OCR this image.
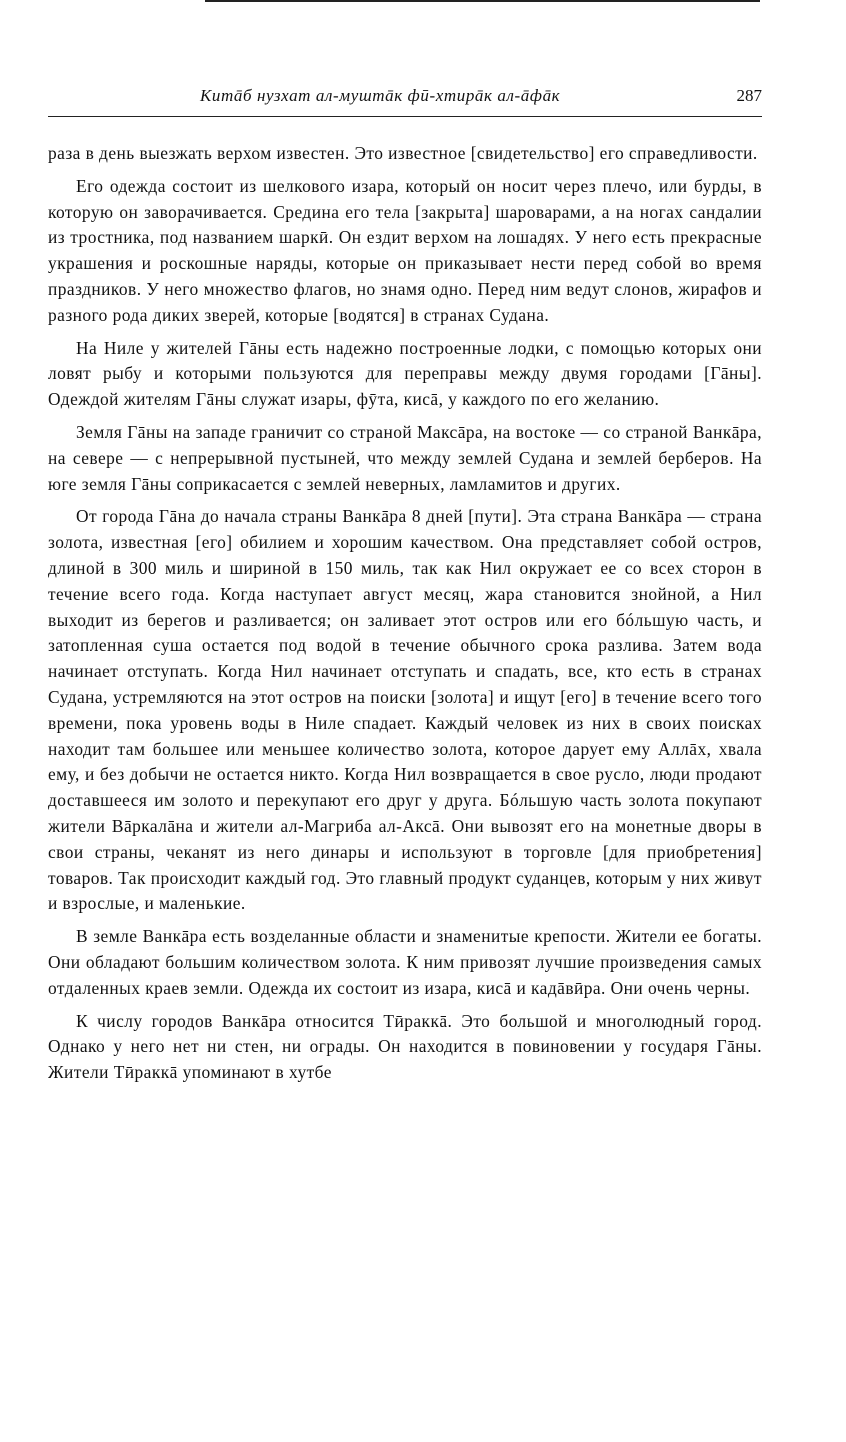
Китāб нузхат ал-муштāк фӣ-хтирāк ал-āфāк	287

раза в день выезжать верхом известен. Это известное [свидетельство] его справедливости.

Его одежда состоит из шелкового изара, который он носит через плечо, или бурды, в которую он заворачивается. Средина его тела [закрыта] шароварами, а на ногах сандалии из тростника, под названием шаркӣ. Он ездит верхом на лошадях. У него есть прекрасные украшения и роскошные наряды, которые он приказывает нести перед собой во время праздников. У него множество флагов, но знамя одно. Перед ним ведут слонов, жирафов и разного рода диких зверей, которые [водятся] в странах Судана.

На Ниле у жителей Гāны есть надежно построенные лодки, с помощью которых они ловят рыбу и которыми пользуются для переправы между двумя городами [Гāны]. Одеждой жителям Гāны служат изары, фӯта, кисā, у каждого по его желанию.

Земля Гāны на западе граничит со страной Максāра, на востоке — со страной Ванкāра, на севере — с непрерывной пустыней, что между землей Судана и землей берберов. На юге земля Гāны соприкасается с землей неверных, ламламитов и других.

От города Гāна до начала страны Ванкāра 8 дней [пути]. Эта страна Ванкāра — страна золота, известная [его] обилием и хорошим качеством. Она представляет собой остров, длиной в 300 миль и шириной в 150 миль, так как Нил окружает ее со всех сторон в течение всего года. Когда наступает август месяц, жара становится знойной, а Нил выходит из берегов и разливается; он заливает этот остров или его бóльшую часть, и затопленная суша остается под водой в течение обычного срока разлива. Затем вода начинает отступать. Когда Нил начинает отступать и спадать, все, кто есть в странах Судана, устремляются на этот остров на поиски [золота] и ищут [его] в течение всего того времени, пока уровень воды в Ниле спадает. Каждый человек из них в своих поисках находит там большее или меньшее количество золота, которое дарует ему Аллāх, хвала ему, и без добычи не остается никто. Когда Нил возвращается в свое русло, люди продают доставшееся им золото и перекупают его друг у друга. Бóльшую часть золота покупают жители Вāркалāна и жители ал-Магриба ал-Аксā. Они вывозят его на монетные дворы в свои страны, чеканят из него динары и используют в торговле [для приобретения] товаров. Так происходит каждый год. Это главный продукт суданцев, которым у них живут и взрослые, и маленькие.

В земле Ванкāра есть возделанные области и знаменитые крепости. Жители ее богаты. Они обладают большим количеством золота. К ним привозят лучшие произведения самых отдаленных краев земли. Одежда их состоит из изара, кисā и кадāвӣра. Они очень черны.

К числу городов Ванкāра относится Тӣраккā. Это большой и многолюдный город. Однако у него нет ни стен, ни ограды. Он находится в повиновении у государя Гāны. Жители Тӣраккā упоминают в хутбе
